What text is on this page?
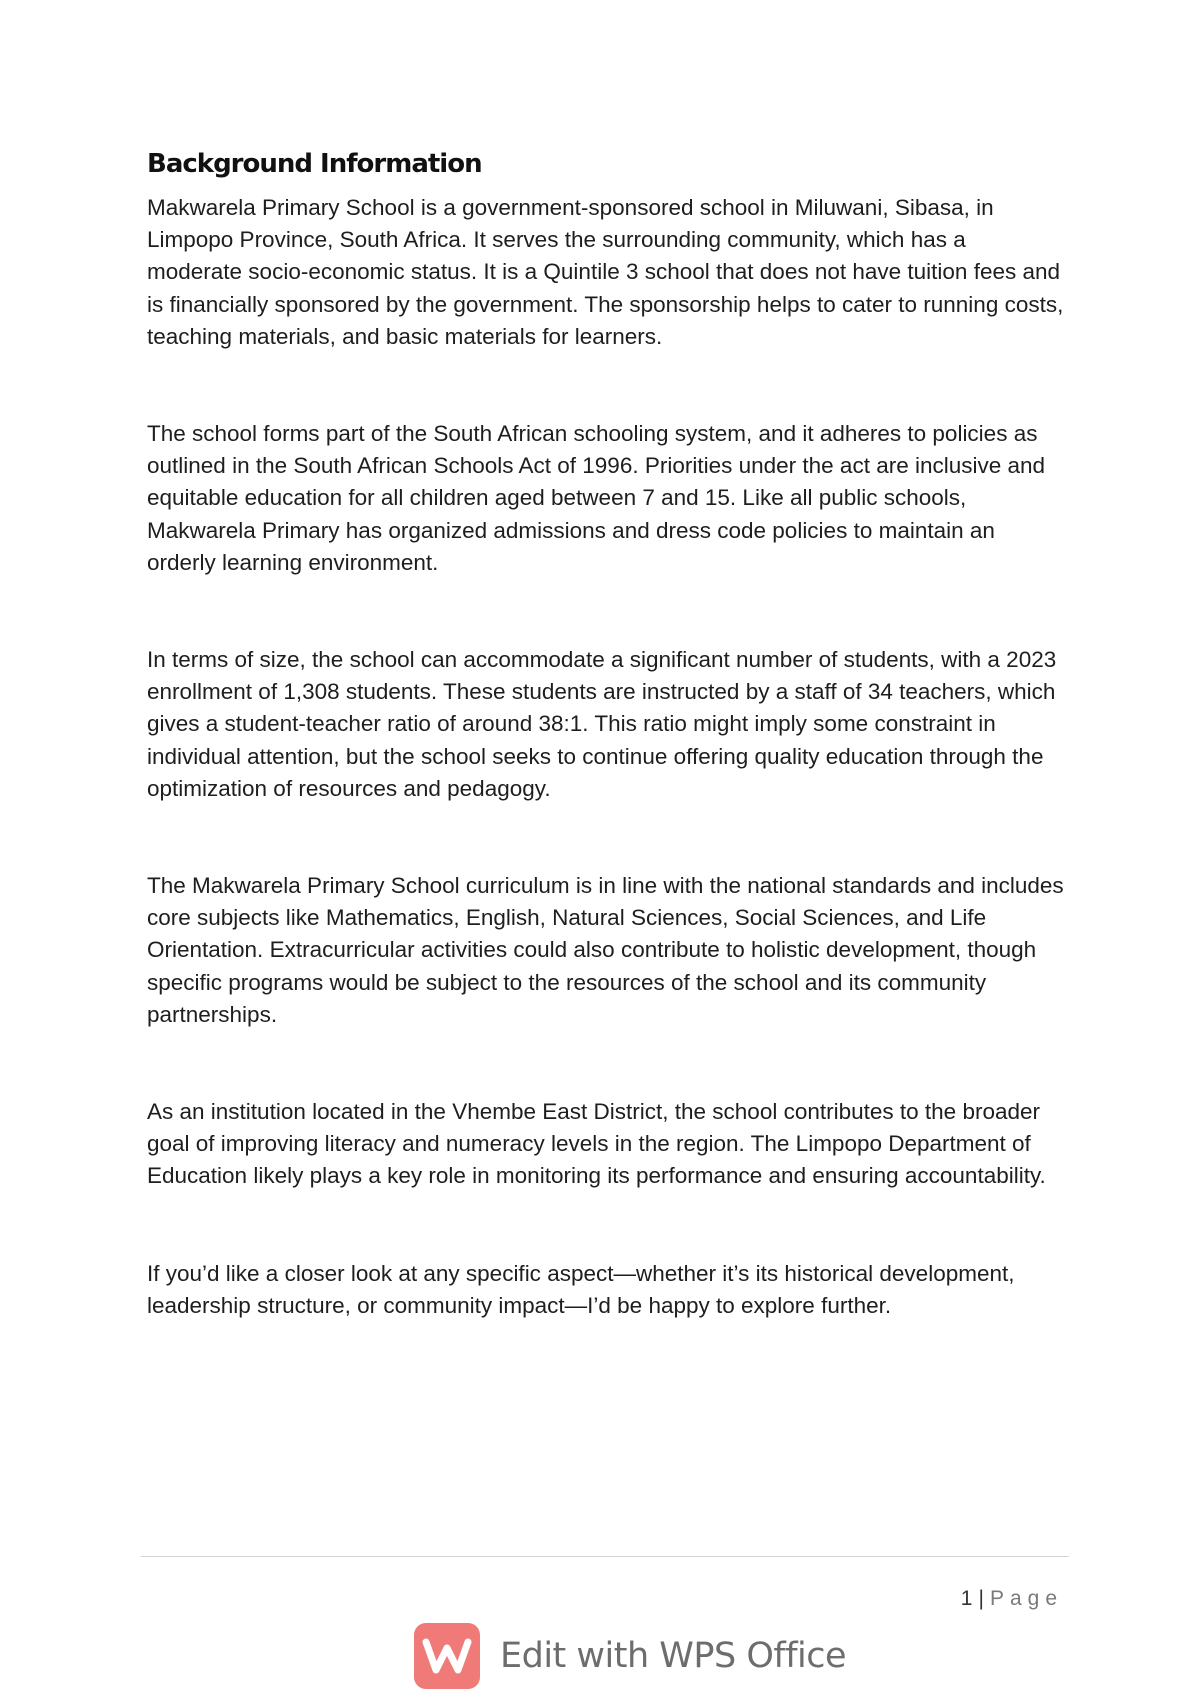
Background Information

Makwarela Primary School is a government-sponsored school in Miluwani, Sibasa, in Limpopo Province, South Africa. It serves the surrounding community, which has a moderate socio-economic status. It is a Quintile 3 school that does not have tuition fees and is financially sponsored by the government. The sponsorship helps to cater to running costs, teaching materials, and basic materials for learners.

The school forms part of the South African schooling system, and it adheres to policies as outlined in the South African Schools Act of 1996. Priorities under the act are inclusive and equitable education for all children aged between 7 and 15. Like all public schools, Makwarela Primary has organized admissions and dress code policies to maintain an orderly learning environment.

In terms of size, the school can accommodate a significant number of students, with a 2023 enrollment of 1,308 students. These students are instructed by a staff of 34 teachers, which gives a student-teacher ratio of around 38:1. This ratio might imply some constraint in individual attention, but the school seeks to continue offering quality education through the optimization of resources and pedagogy.

The Makwarela Primary School curriculum is in line with the national standards and includes core subjects like Mathematics, English, Natural Sciences, Social Sciences, and Life Orientation. Extracurricular activities could also contribute to holistic development, though specific programs would be subject to the resources of the school and its community partnerships.

As an institution located in the Vhembe East District, the school contributes to the broader goal of improving literacy and numeracy levels in the region. The Limpopo Department of Education likely plays a key role in monitoring its performance and ensuring accountability.

If you’d like a closer look at any specific aspect—whether it’s its historical development, leadership structure, or community impact—I’d be happy to explore further.

1 | Page
Edit with WPS Office
